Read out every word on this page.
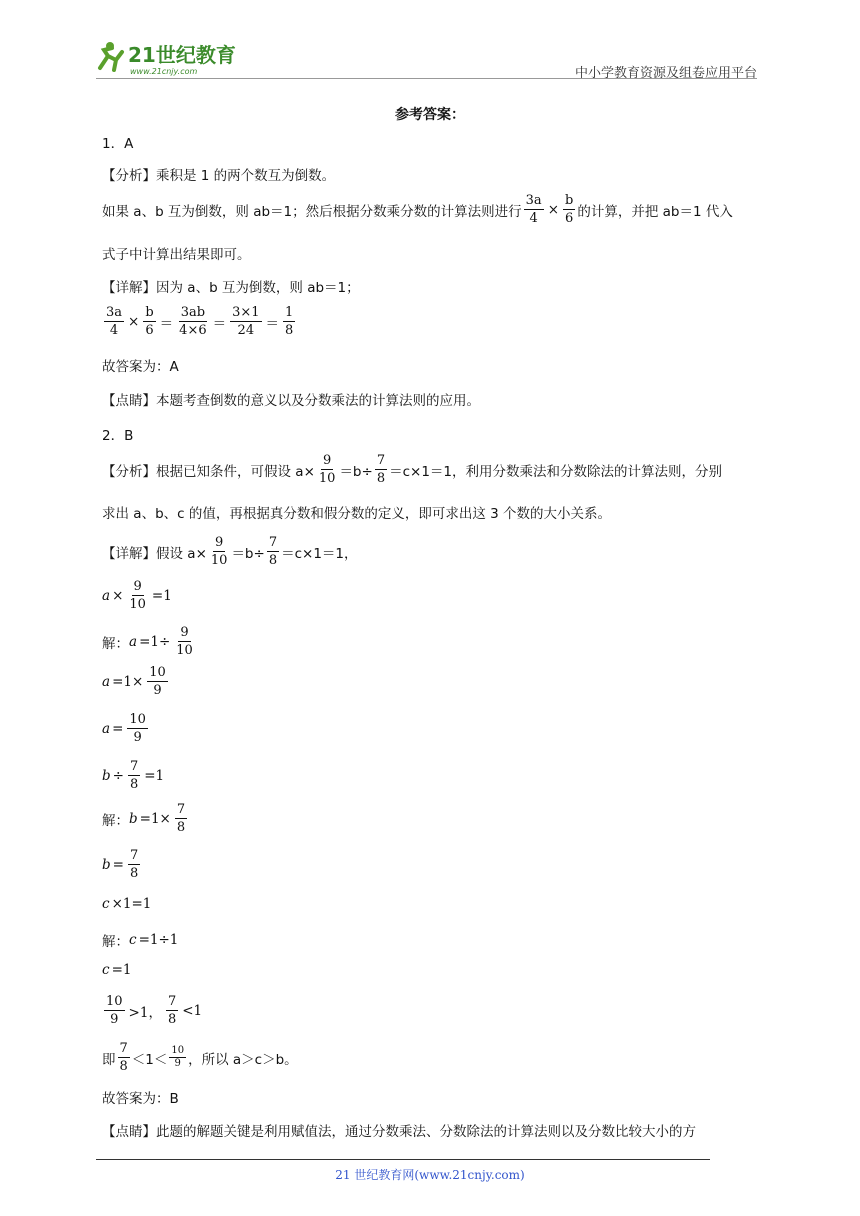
21世纪教育
www.21cnjy.com	中小学教育资源及组卷应用平台
参考答案：
1．A
【分析】乘积是 1 的两个数互为倒数。
如果 a、b 互为倒数，则 ab＝1；然后根据分数乘分数的计算法则进行 $\frac{3a}{4} \times \frac{b}{6}$ 的计算，并把 ab＝1 代入
式子中计算出结果即可。
【详解】因为 a、b 互为倒数，则 ab＝1；
$\frac{3a}{4} \times \frac{b}{6} = \frac{3ab}{4\times 6} = \frac{3\times 1}{24} = \frac{1}{8}$
故答案为：A
【点睛】本题考查倒数的意义以及分数乘法的计算法则的应用。
2．B
【分析】根据已知条件，可假设 $a\times \frac{9}{10} =b\div \frac{7}{8} =c\times 1=1$，利用分数乘法和分数除法的计算法则，分别
求出 a、b、c 的值，再根据真分数和假分数的定义，即可求出这 3 个数的大小关系。
【详解】假设 $a\times \frac{9}{10} =b\div \frac{7}{8} =c\times 1=1$，
$a \times \frac{9}{10} =1$
解： $a =1\div \frac{9}{10}$
$a =1\times \frac{10}{9}$
$a = \frac{10}{9}$
$b \div \frac{7}{8} =1$
解： $b =1\times \frac{7}{8}$
$b = \frac{7}{8}$
c ×1=1
解： c =1÷1
c =1
$\frac{10}{9} >1$， $\frac{7}{8} <1$
即 $\frac{7}{8} <1< \frac{10}{9}$ ，所以 a＞c＞b。
故答案为：B
【点睛】此题的解题关键是利用赋值法，通过分数乘法、分数除法的计算法则以及分数比较大小的方
21 世纪教育网(www.21cnjy.com)
